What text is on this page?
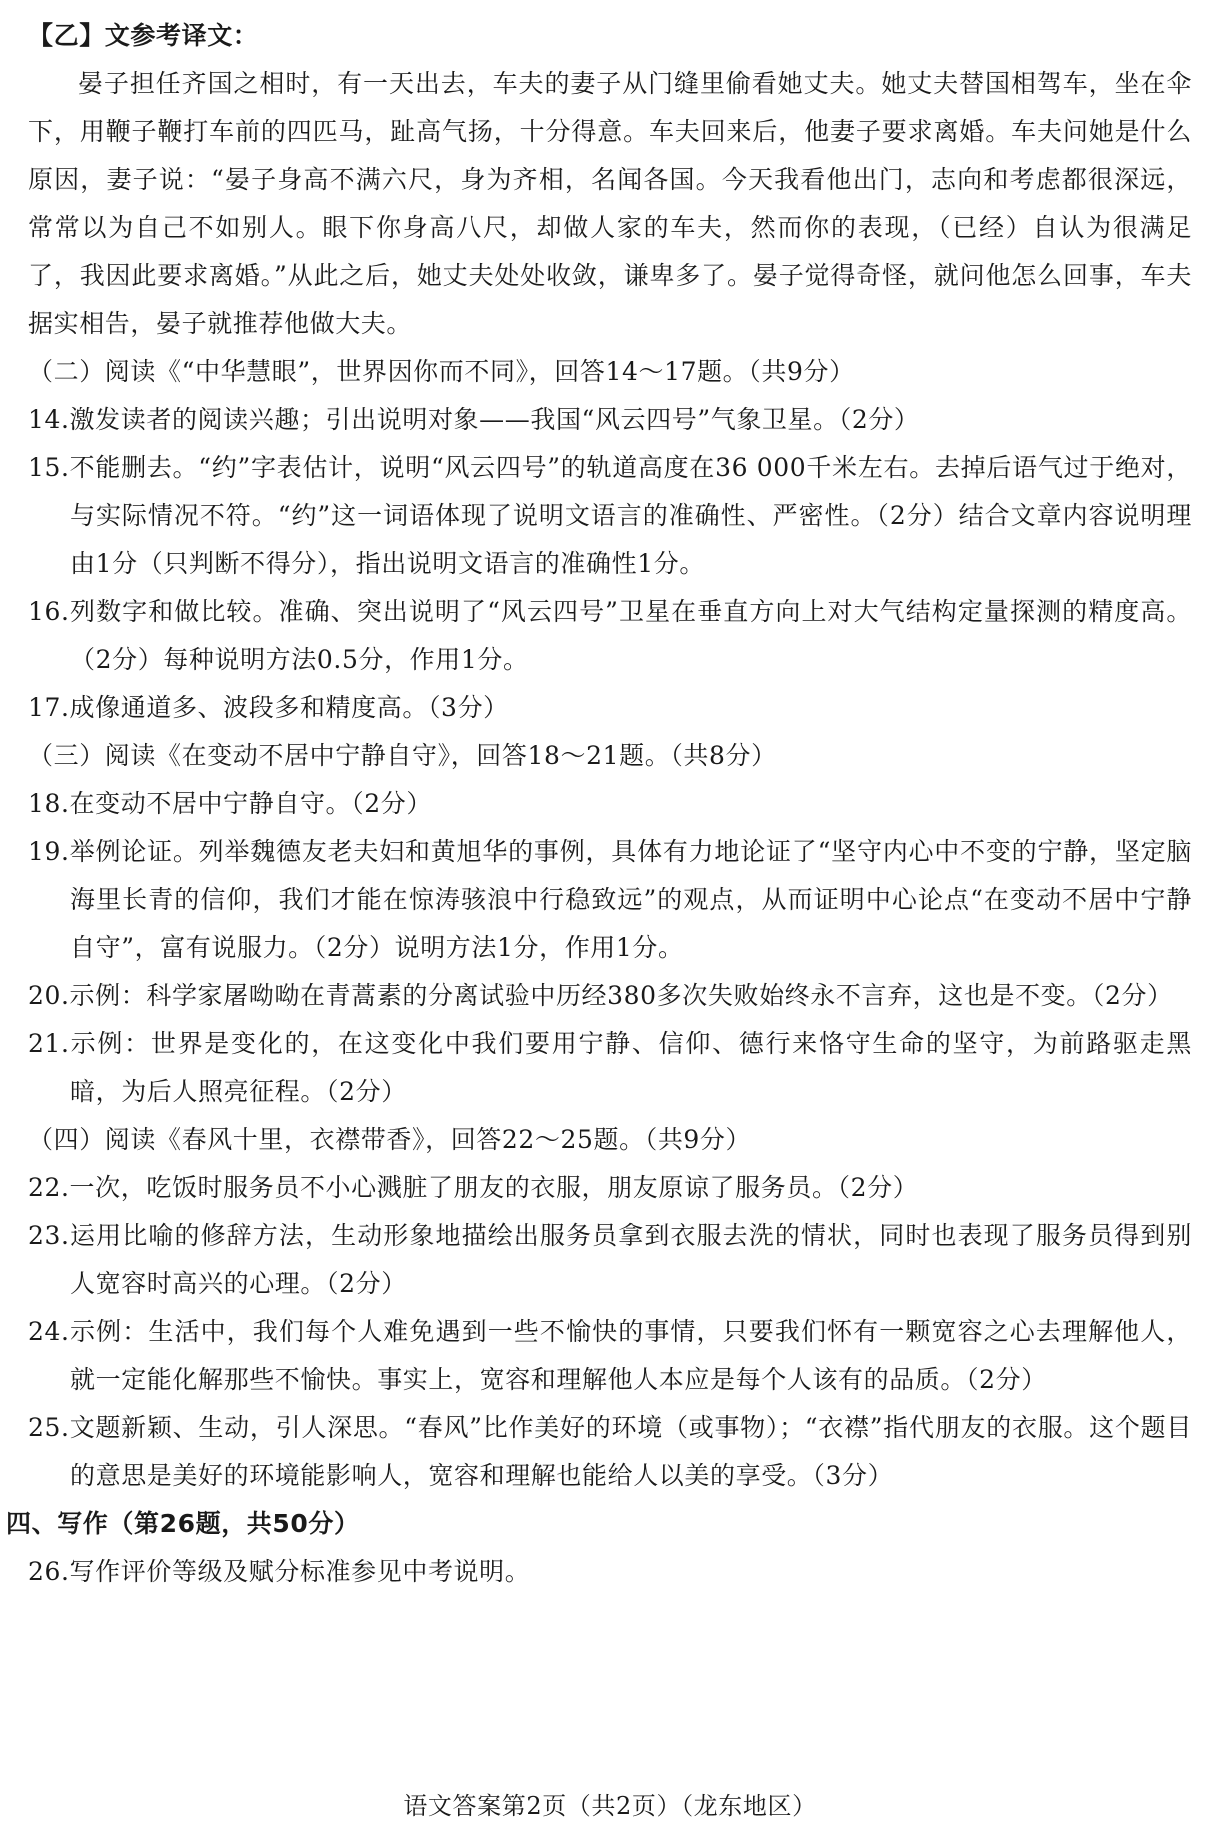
【乙】文参考译文：

晏子担任齐国之相时，有一天出去，车夫的妻子从门缝里偷看她丈夫。她丈夫替国相驾车，坐在伞下，用鞭子鞭打车前的四匹马，趾高气扬，十分得意。车夫回来后，他妻子要求离婚。车夫问她是什么原因，妻子说：“晏子身高不满六尺，身为齐相，名闻各国。今天我看他出门，志向和考虑都很深远，常常以为自己不如别人。眼下你身高八尺，却做人家的车夫，然而你的表现，（已经）自认为很满足了，我因此要求离婚。”从此之后，她丈夫处处收敛，谦卑多了。晏子觉得奇怪，就问他怎么回事，车夫据实相告，晏子就推荐他做大夫。

（二）阅读《“中华慧眼”，世界因你而不同》，回答14～17题。（共9分）

14.激发读者的阅读兴趣；引出说明对象——我国“风云四号”气象卫星。（2分）

15.不能删去。“约”字表估计，说明“风云四号”的轨道高度在36 000千米左右。去掉后语气过于绝对，与实际情况不符。“约”这一词语体现了说明文语言的准确性、严密性。（2分）结合文章内容说明理由1分（只判断不得分），指出说明文语言的准确性1分。

16.列数字和做比较。准确、突出说明了“风云四号”卫星在垂直方向上对大气结构定量探测的精度高。（2分）每种说明方法0.5分，作用1分。

17.成像通道多、波段多和精度高。（3分）

（三）阅读《在变动不居中宁静自守》，回答18～21题。（共8分）

18.在变动不居中宁静自守。（2分）

19.举例论证。列举魏德友老夫妇和黄旭华的事例，具体有力地论证了“坚守内心中不变的宁静，坚定脑海里长青的信仰，我们才能在惊涛骇浪中行稳致远”的观点，从而证明中心论点“在变动不居中宁静自守”，富有说服力。（2分）说明方法1分，作用1分。

20.示例：科学家屠呦呦在青蒿素的分离试验中历经380多次失败始终永不言弃，这也是不变。（2分）

21.示例：世界是变化的，在这变化中我们要用宁静、信仰、德行来恪守生命的坚守，为前路驱走黑暗，为后人照亮征程。（2分）

（四）阅读《春风十里，衣襟带香》，回答22～25题。（共9分）

22.一次，吃饭时服务员不小心溅脏了朋友的衣服，朋友原谅了服务员。（2分）

23.运用比喻的修辞方法，生动形象地描绘出服务员拿到衣服去洗的情状，同时也表现了服务员得到别人宽容时高兴的心理。（2分）

24.示例：生活中，我们每个人难免遇到一些不愉快的事情，只要我们怀有一颗宽容之心去理解他人，就一定能化解那些不愉快。事实上，宽容和理解他人本应是每个人该有的品质。（2分）

25.文题新颖、生动，引人深思。“春风”比作美好的环境（或事物）；“衣襟”指代朋友的衣服。这个题目的意思是美好的环境能影响人，宽容和理解也能给人以美的享受。（3分）

四、写作（第26题，共50分）

26.写作评价等级及赋分标准参见中考说明。

语文答案第2页（共2页）（龙东地区）
